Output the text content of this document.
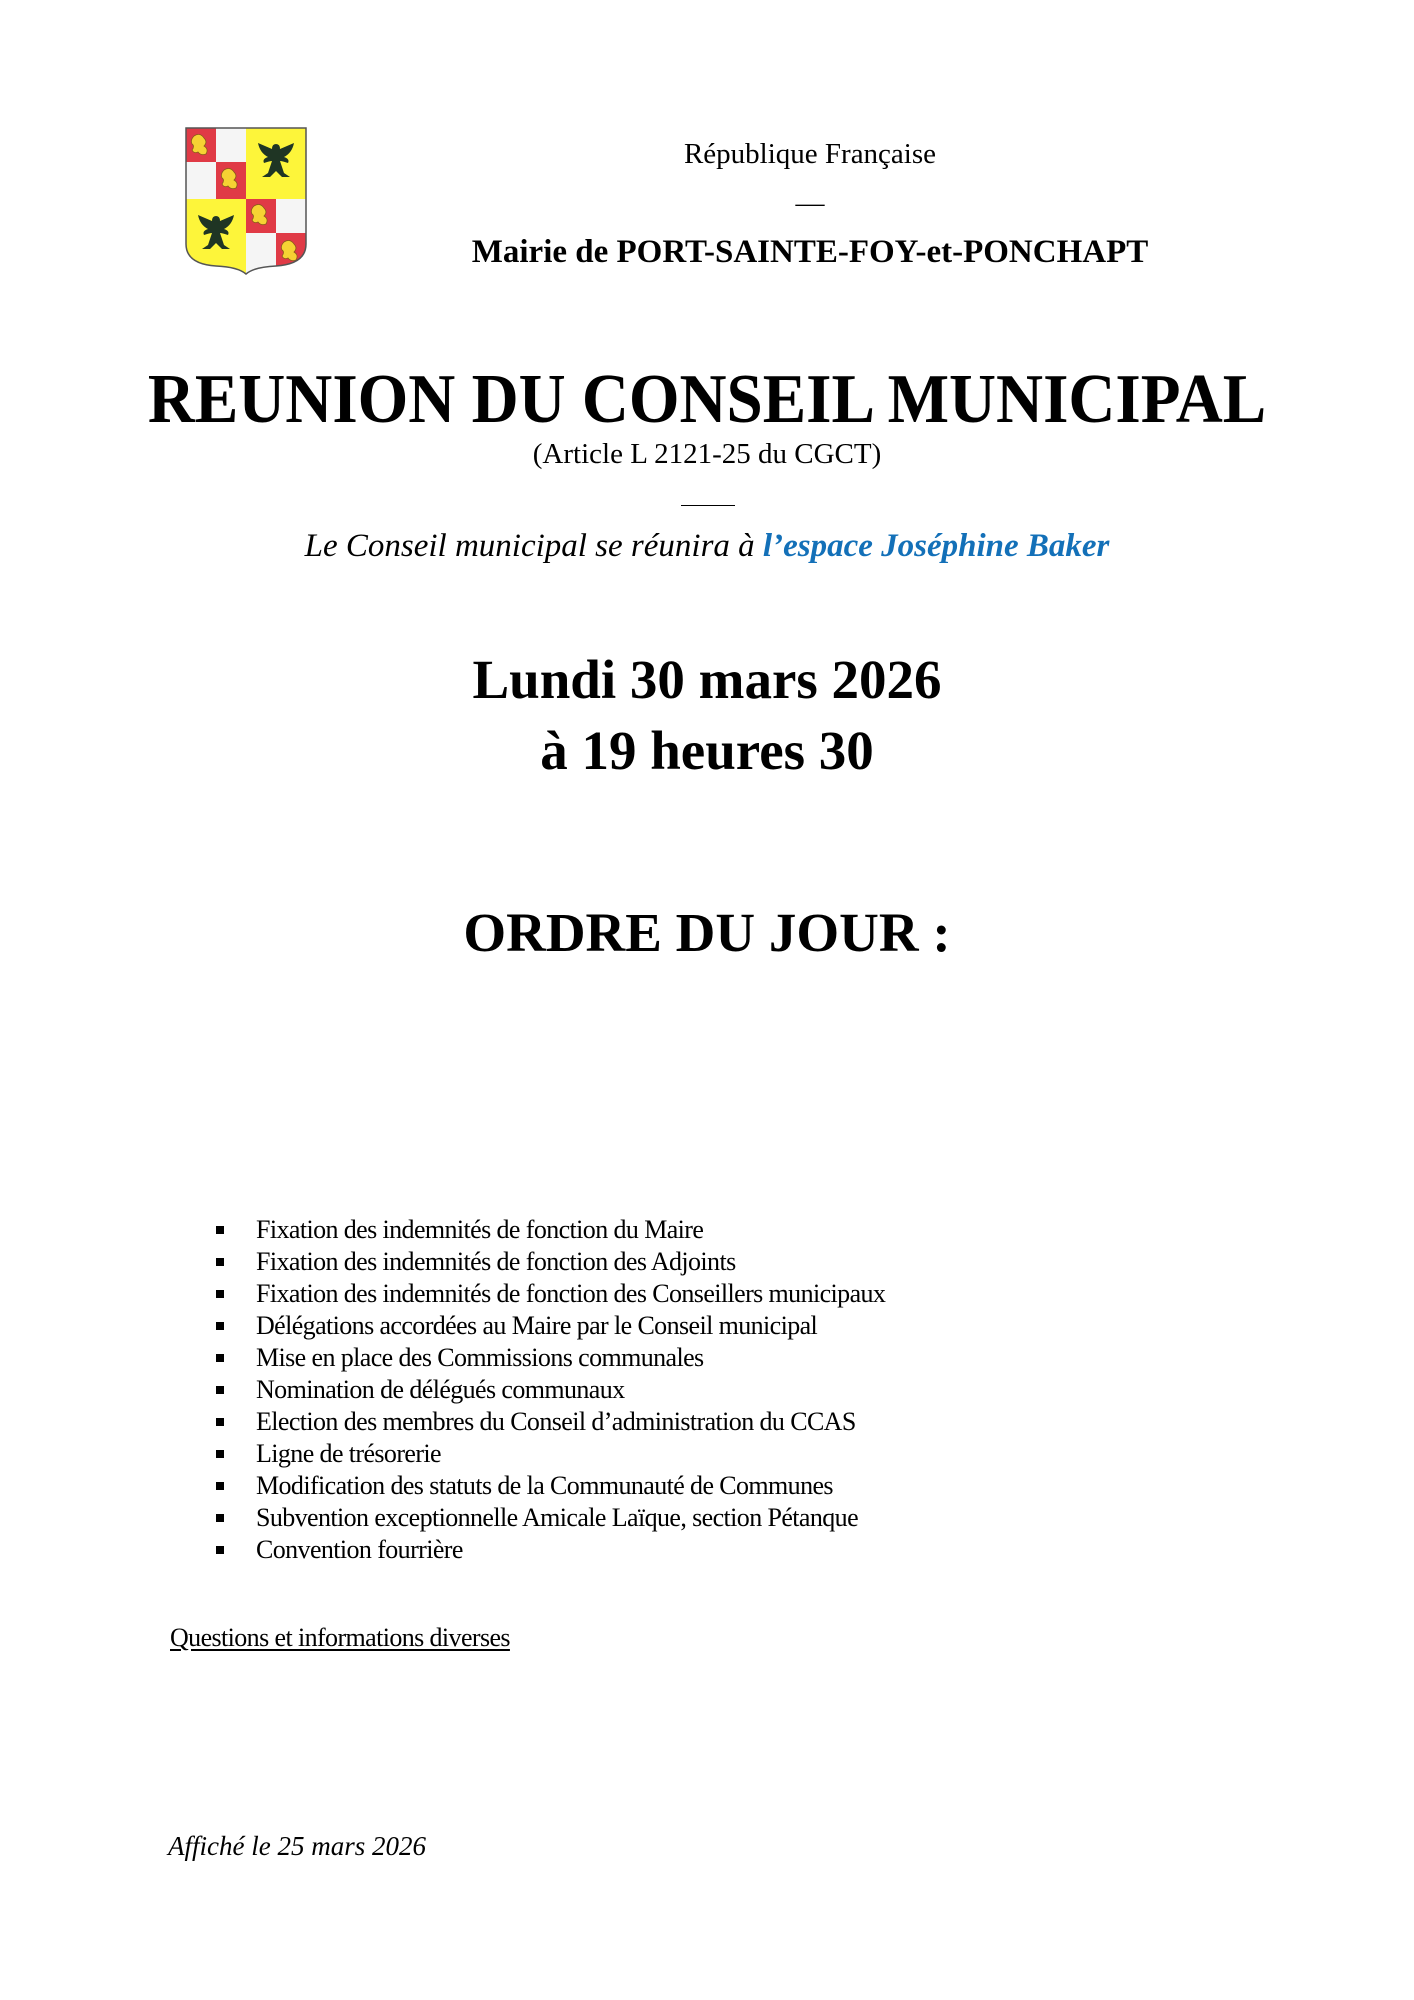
République Française
—
Mairie de PORT-SAINTE-FOY-et-PONCHAPT
REUNION DU CONSEIL MUNICIPAL
(Article L 2121-25 du CGCT)
Le Conseil municipal se réunira à l’espace Joséphine Baker
Lundi 30 mars 2026
à 19 heures 30
ORDRE DU JOUR :
Fixation des indemnités de fonction du Maire
Fixation des indemnités de fonction des Adjoints
Fixation des indemnités de fonction des Conseillers municipaux
Délégations accordées au Maire par le Conseil municipal
Mise en place des Commissions communales
Nomination de délégués communaux
Election des membres du Conseil d’administration du CCAS
Ligne de trésorerie
Modification des statuts de la Communauté de Communes
Subvention exceptionnelle Amicale Laïque, section Pétanque
Convention fourrière
Questions et informations diverses
Affiché le 25 mars 2026
